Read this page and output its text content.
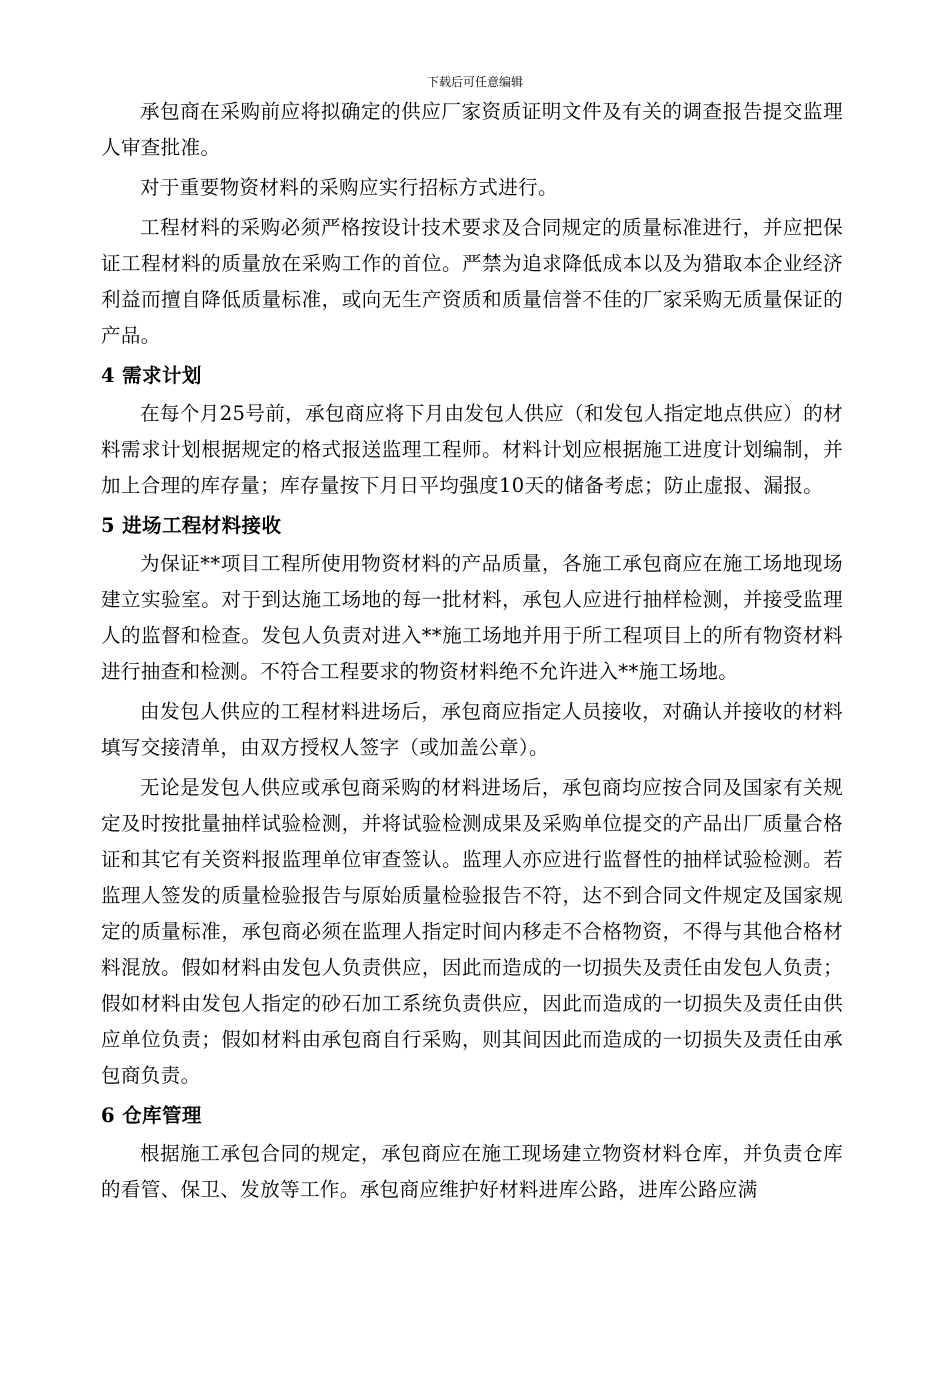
下载后可任意编辑

承包商在采购前应将拟确定的供应厂家资质证明文件及有关的调查报告提交监理人审查批准。

对于重要物资材料的采购应实行招标方式进行。

工程材料的采购必须严格按设计技术要求及合同规定的质量标准进行，并应把保证工程材料的质量放在采购工作的首位。严禁为追求降低成本以及为猎取本企业经济利益而擅自降低质量标准，或向无生产资质和质量信誉不佳的厂家采购无质量保证的产品。

4 需求计划

在每个月25号前，承包商应将下月由发包人供应（和发包人指定地点供应）的材料需求计划根据规定的格式报送监理工程师。材料计划应根据施工进度计划编制，并加上合理的库存量；库存量按下月日平均强度10天的储备考虑；防止虚报、漏报。

5 进场工程材料接收

为保证**项目工程所使用物资材料的产品质量，各施工承包商应在施工场地现场建立实验室。对于到达施工场地的每一批材料，承包人应进行抽样检测，并接受监理人的监督和检查。发包人负责对进入**施工场地并用于所工程项目上的所有物资材料进行抽查和检测。不符合工程要求的物资材料绝不允许进入**施工场地。

由发包人供应的工程材料进场后，承包商应指定人员接收，对确认并接收的材料填写交接清单，由双方授权人签字（或加盖公章）。

无论是发包人供应或承包商采购的材料进场后，承包商均应按合同及国家有关规定及时按批量抽样试验检测，并将试验检测成果及采购单位提交的产品出厂质量合格证和其它有关资料报监理单位审查签认。监理人亦应进行监督性的抽样试验检测。若监理人签发的质量检验报告与原始质量检验报告不符，达不到合同文件规定及国家规定的质量标准，承包商必须在监理人指定时间内移走不合格物资，不得与其他合格材料混放。假如材料由发包人负责供应，因此而造成的一切损失及责任由发包人负责；假如材料由发包人指定的砂石加工系统负责供应，因此而造成的一切损失及责任由供应单位负责；假如材料由承包商自行采购，则其间因此而造成的一切损失及责任由承包商负责。

6 仓库管理

根据施工承包合同的规定，承包商应在施工现场建立物资材料仓库，并负责仓库的看管、保卫、发放等工作。承包商应维护好材料进库公路，进库公路应满
